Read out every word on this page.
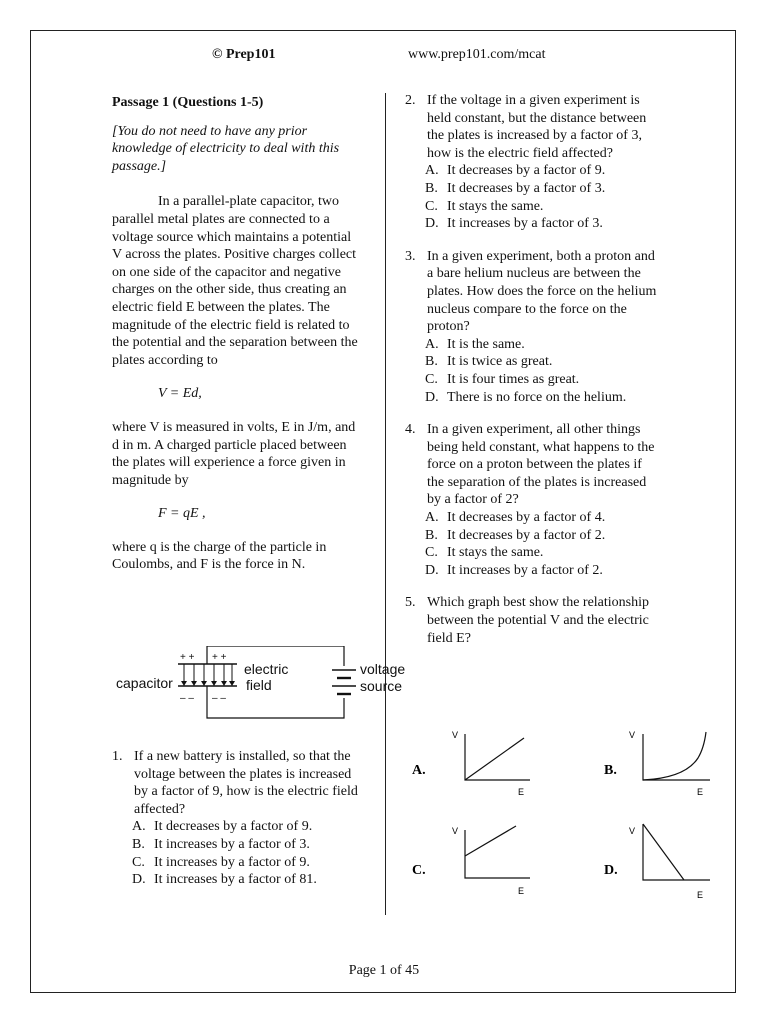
© Prep101	www.prep101.com/mcat

Passage 1 (Questions 1-5)

[You do not need to have any prior knowledge of electricity to deal with this passage.]

In a parallel-plate capacitor, two parallel metal plates are connected to a voltage source which maintains a potential V across the plates. Positive charges collect on one side of the capacitor and negative charges on the other side, thus creating an electric field E between the plates. The magnitude of the electric field is related to the potential and the separation between the plates according to

V = Ed,

where V is measured in volts, E in J/m, and d in m. A charged particle placed between the plates will experience a force given in magnitude by

F = qE ,

where q is the charge of the particle in Coulombs, and F is the force in N.

capacitor
+ + + +
– – – –
electric
field
voltage
source
1. If a new battery is installed, so that the voltage between the plates is increased by a factor of 9, how is the electric field affected?
A. It decreases by a factor of 9.
B. It increases by a factor of 3.
C. It increases by a factor of 9.
D. It increases by a factor of 81.
2. If the voltage in a given experiment is held constant, but the distance between the plates is increased by a factor of 3, how is the electric field affected?
A. It decreases by a factor of 9.
B. It decreases by a factor of 3.
C. It stays the same.
D. It increases by a factor of 3.
3. In a given experiment, both a proton and a bare helium nucleus are between the plates. How does the force on the helium nucleus compare to the force on the proton?
A. It is the same.
B. It is twice as great.
C. It is four times as great.
D. There is no force on the helium.
4. In a given experiment, all other things being held constant, what happens to the force on a proton between the plates if the separation of the plates is increased by a factor of 2?
A. It decreases by a factor of 4.
B. It decreases by a factor of 2.
C. It stays the same.
D. It increases by a factor of 2.
5. Which graph best show the relationship between the potential V and the electric field E?
A.
V
E
B.
V
E
C.
V
E
D.
V
E
Page 1 of 45
